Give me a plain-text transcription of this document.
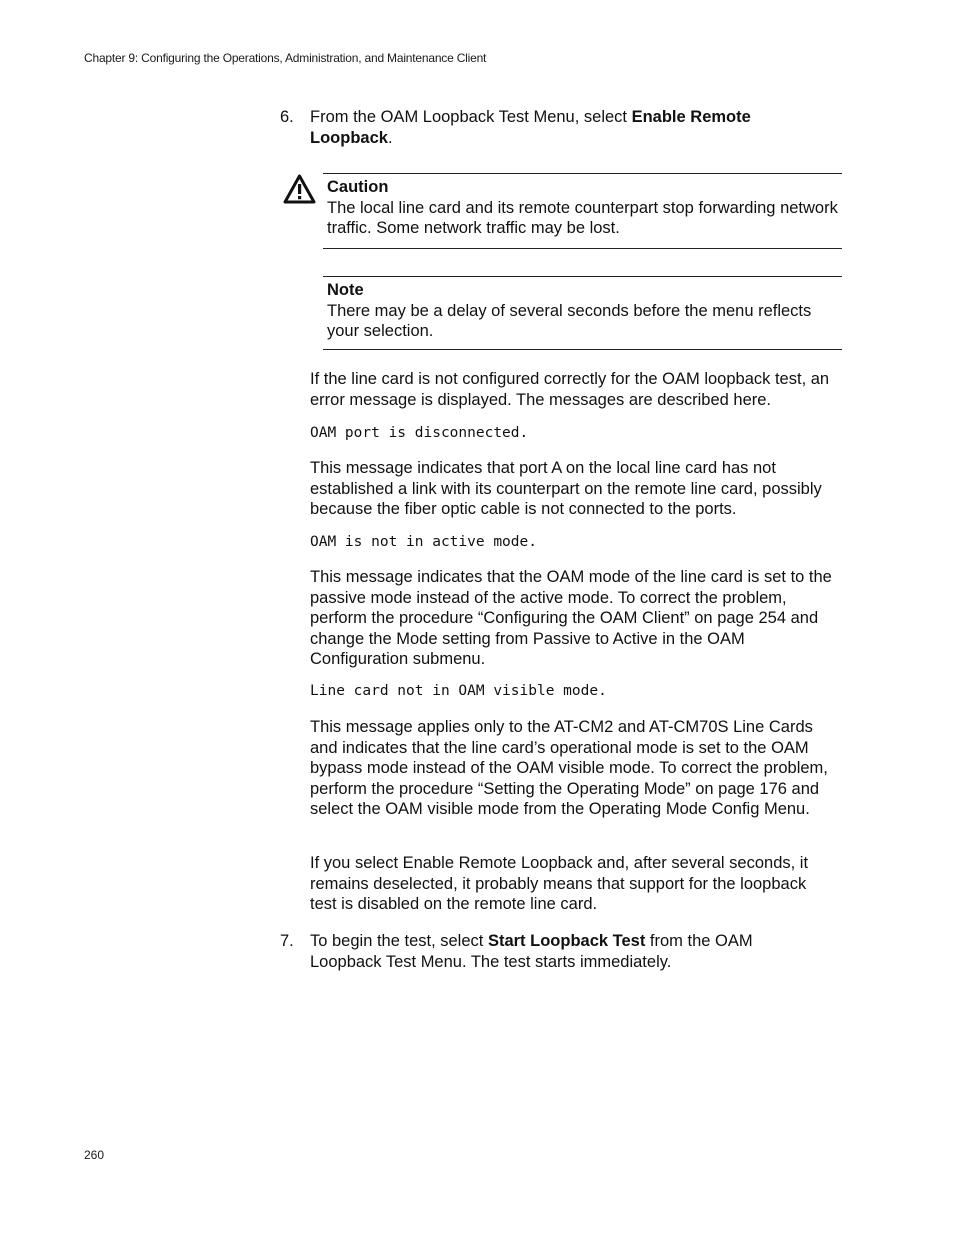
Chapter 9: Configuring the Operations, Administration, and Maintenance Client
6. From the OAM Loopback Test Menu, select Enable Remote Loopback.
Caution
The local line card and its remote counterpart stop forwarding network traffic. Some network traffic may be lost.
Note
There may be a delay of several seconds before the menu reflects your selection.
If the line card is not configured correctly for the OAM loopback test, an error message is displayed. The messages are described here.
OAM port is disconnected.
This message indicates that port A on the local line card has not established a link with its counterpart on the remote line card, possibly because the fiber optic cable is not connected to the ports.
OAM is not in active mode.
This message indicates that the OAM mode of the line card is set to the passive mode instead of the active mode. To correct the problem, perform the procedure “Configuring the OAM Client” on page 254 and change the Mode setting from Passive to Active in the OAM Configuration submenu.
Line card not in OAM visible mode.
This message applies only to the AT-CM2 and AT-CM70S Line Cards and indicates that the line card’s operational mode is set to the OAM bypass mode instead of the OAM visible mode. To correct the problem, perform the procedure “Setting the Operating Mode” on page 176 and select the OAM visible mode from the Operating Mode Config Menu.
If you select Enable Remote Loopback and, after several seconds, it remains deselected, it probably means that support for the loopback test is disabled on the remote line card.
7. To begin the test, select Start Loopback Test from the OAM Loopback Test Menu. The test starts immediately.
260
